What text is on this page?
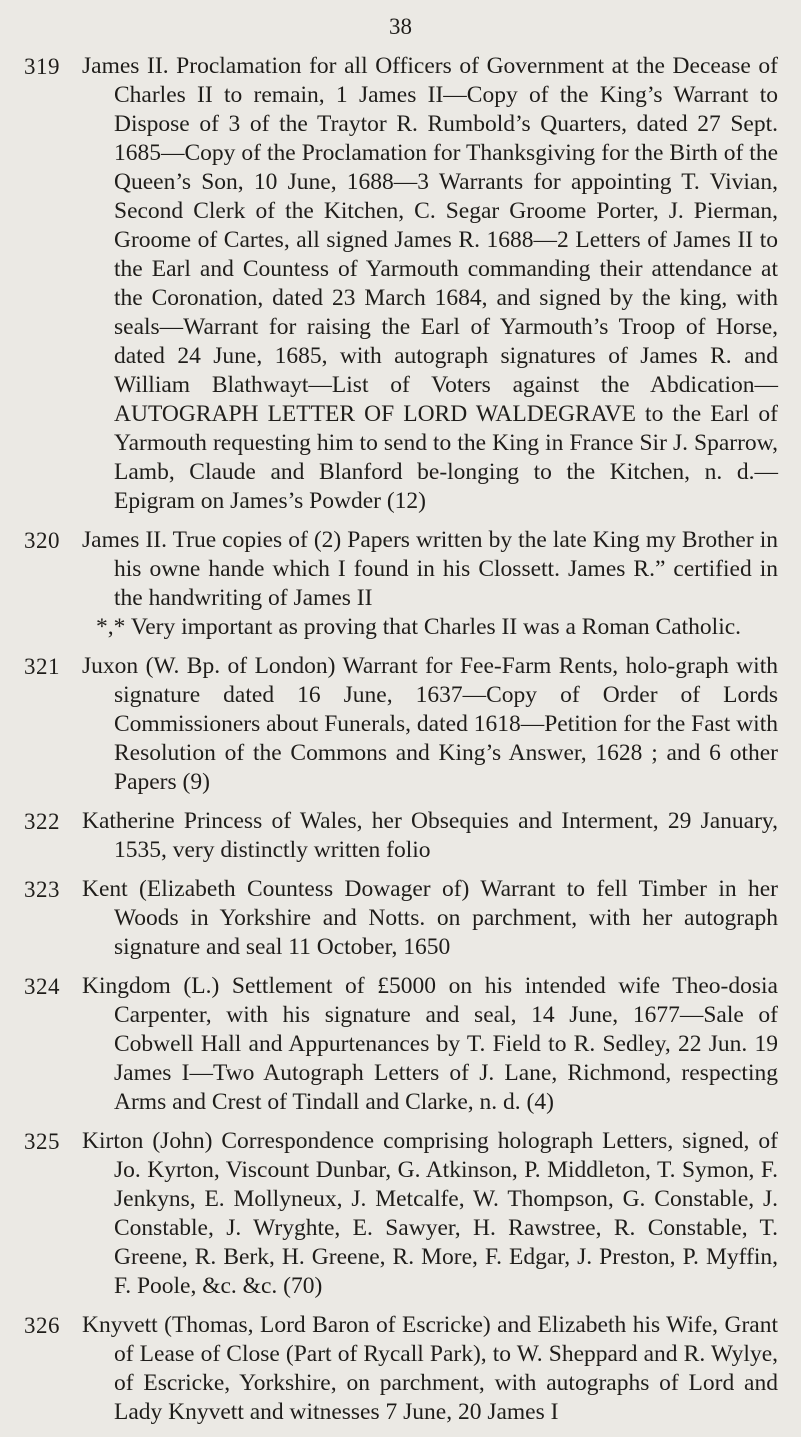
38
319 James II. Proclamation for all Officers of Government at the Decease of Charles II to remain, 1 James II—Copy of the King’s Warrant to Dispose of 3 of the Traytor R. Rumbold’s Quarters, dated 27 Sept. 1685—Copy of the Proclamation for Thanksgiving for the Birth of the Queen’s Son, 10 June, 1688—3 Warrants for appointing T. Vivian, Second Clerk of the Kitchen, C. Segar Groome Porter, J. Pierman, Groome of Cartes, all signed James R. 1688—2 Letters of James II to the Earl and Countess of Yarmouth commanding their attendance at the Coronation, dated 23 March 1684, and signed by the king, with seals—Warrant for raising the Earl of Yarmouth’s Troop of Horse, dated 24 June, 1685, with autograph signatures of James R. and William Blathwayt—List of Voters against the Abdication—AUTOGRAPH LETTER OF LORD WALDEGRAVE to the Earl of Yarmouth requesting him to send to the King in France Sir J. Sparrow, Lamb, Claude and Blanford be-longing to the Kitchen, n. d.—Epigram on James’s Powder (12)
320 James II. True copies of (2) Papers written by the late King my Brother in his owne hande which I found in his Clossett. James R.” certified in the handwriting of James II
*,* Very important as proving that Charles II was a Roman Catholic.
321 Juxon (W. Bp. of London) Warrant for Fee-Farm Rents, holo-graph with signature dated 16 June, 1637—Copy of Order of Lords Commissioners about Funerals, dated 1618—Petition for the Fast with Resolution of the Commons and King’s Answer, 1628 ; and 6 other Papers (9)
322 Katherine Princess of Wales, her Obsequies and Interment, 29 January, 1535, very distinctly written folio
323 Kent (Elizabeth Countess Dowager of) Warrant to fell Timber in her Woods in Yorkshire and Notts. on parchment, with her autograph signature and seal 11 October, 1650
324 Kingdom (L.) Settlement of £5000 on his intended wife Theo-dosia Carpenter, with his signature and seal, 14 June, 1677—Sale of Cobwell Hall and Appurtenances by T. Field to R. Sedley, 22 Jun. 19 James I—Two Autograph Letters of J. Lane, Richmond, respecting Arms and Crest of Tindall and Clarke, n. d. (4)
325 Kirton (John) Correspondence comprising holograph Letters, signed, of Jo. Kyrton, Viscount Dunbar, G. Atkinson, P. Middleton, T. Symon, F. Jenkyns, E. Mollyneux, J. Metcalfe, W. Thompson, G. Constable, J. Constable, J. Wryghte, E. Sawyer, H. Rawstree, R. Constable, T. Greene, R. Berk, H. Greene, R. More, F. Edgar, J. Preston, P. Myffin, F. Poole, &c. &c. (70)
326 Knyvett (Thomas, Lord Baron of Escricke) and Elizabeth his Wife, Grant of Lease of Close (Part of Rycall Park), to W. Sheppard and R. Wylye, of Escricke, Yorkshire, on parchment, with autographs of Lord and Lady Knyvett and witnesses 7 June, 20 James I
